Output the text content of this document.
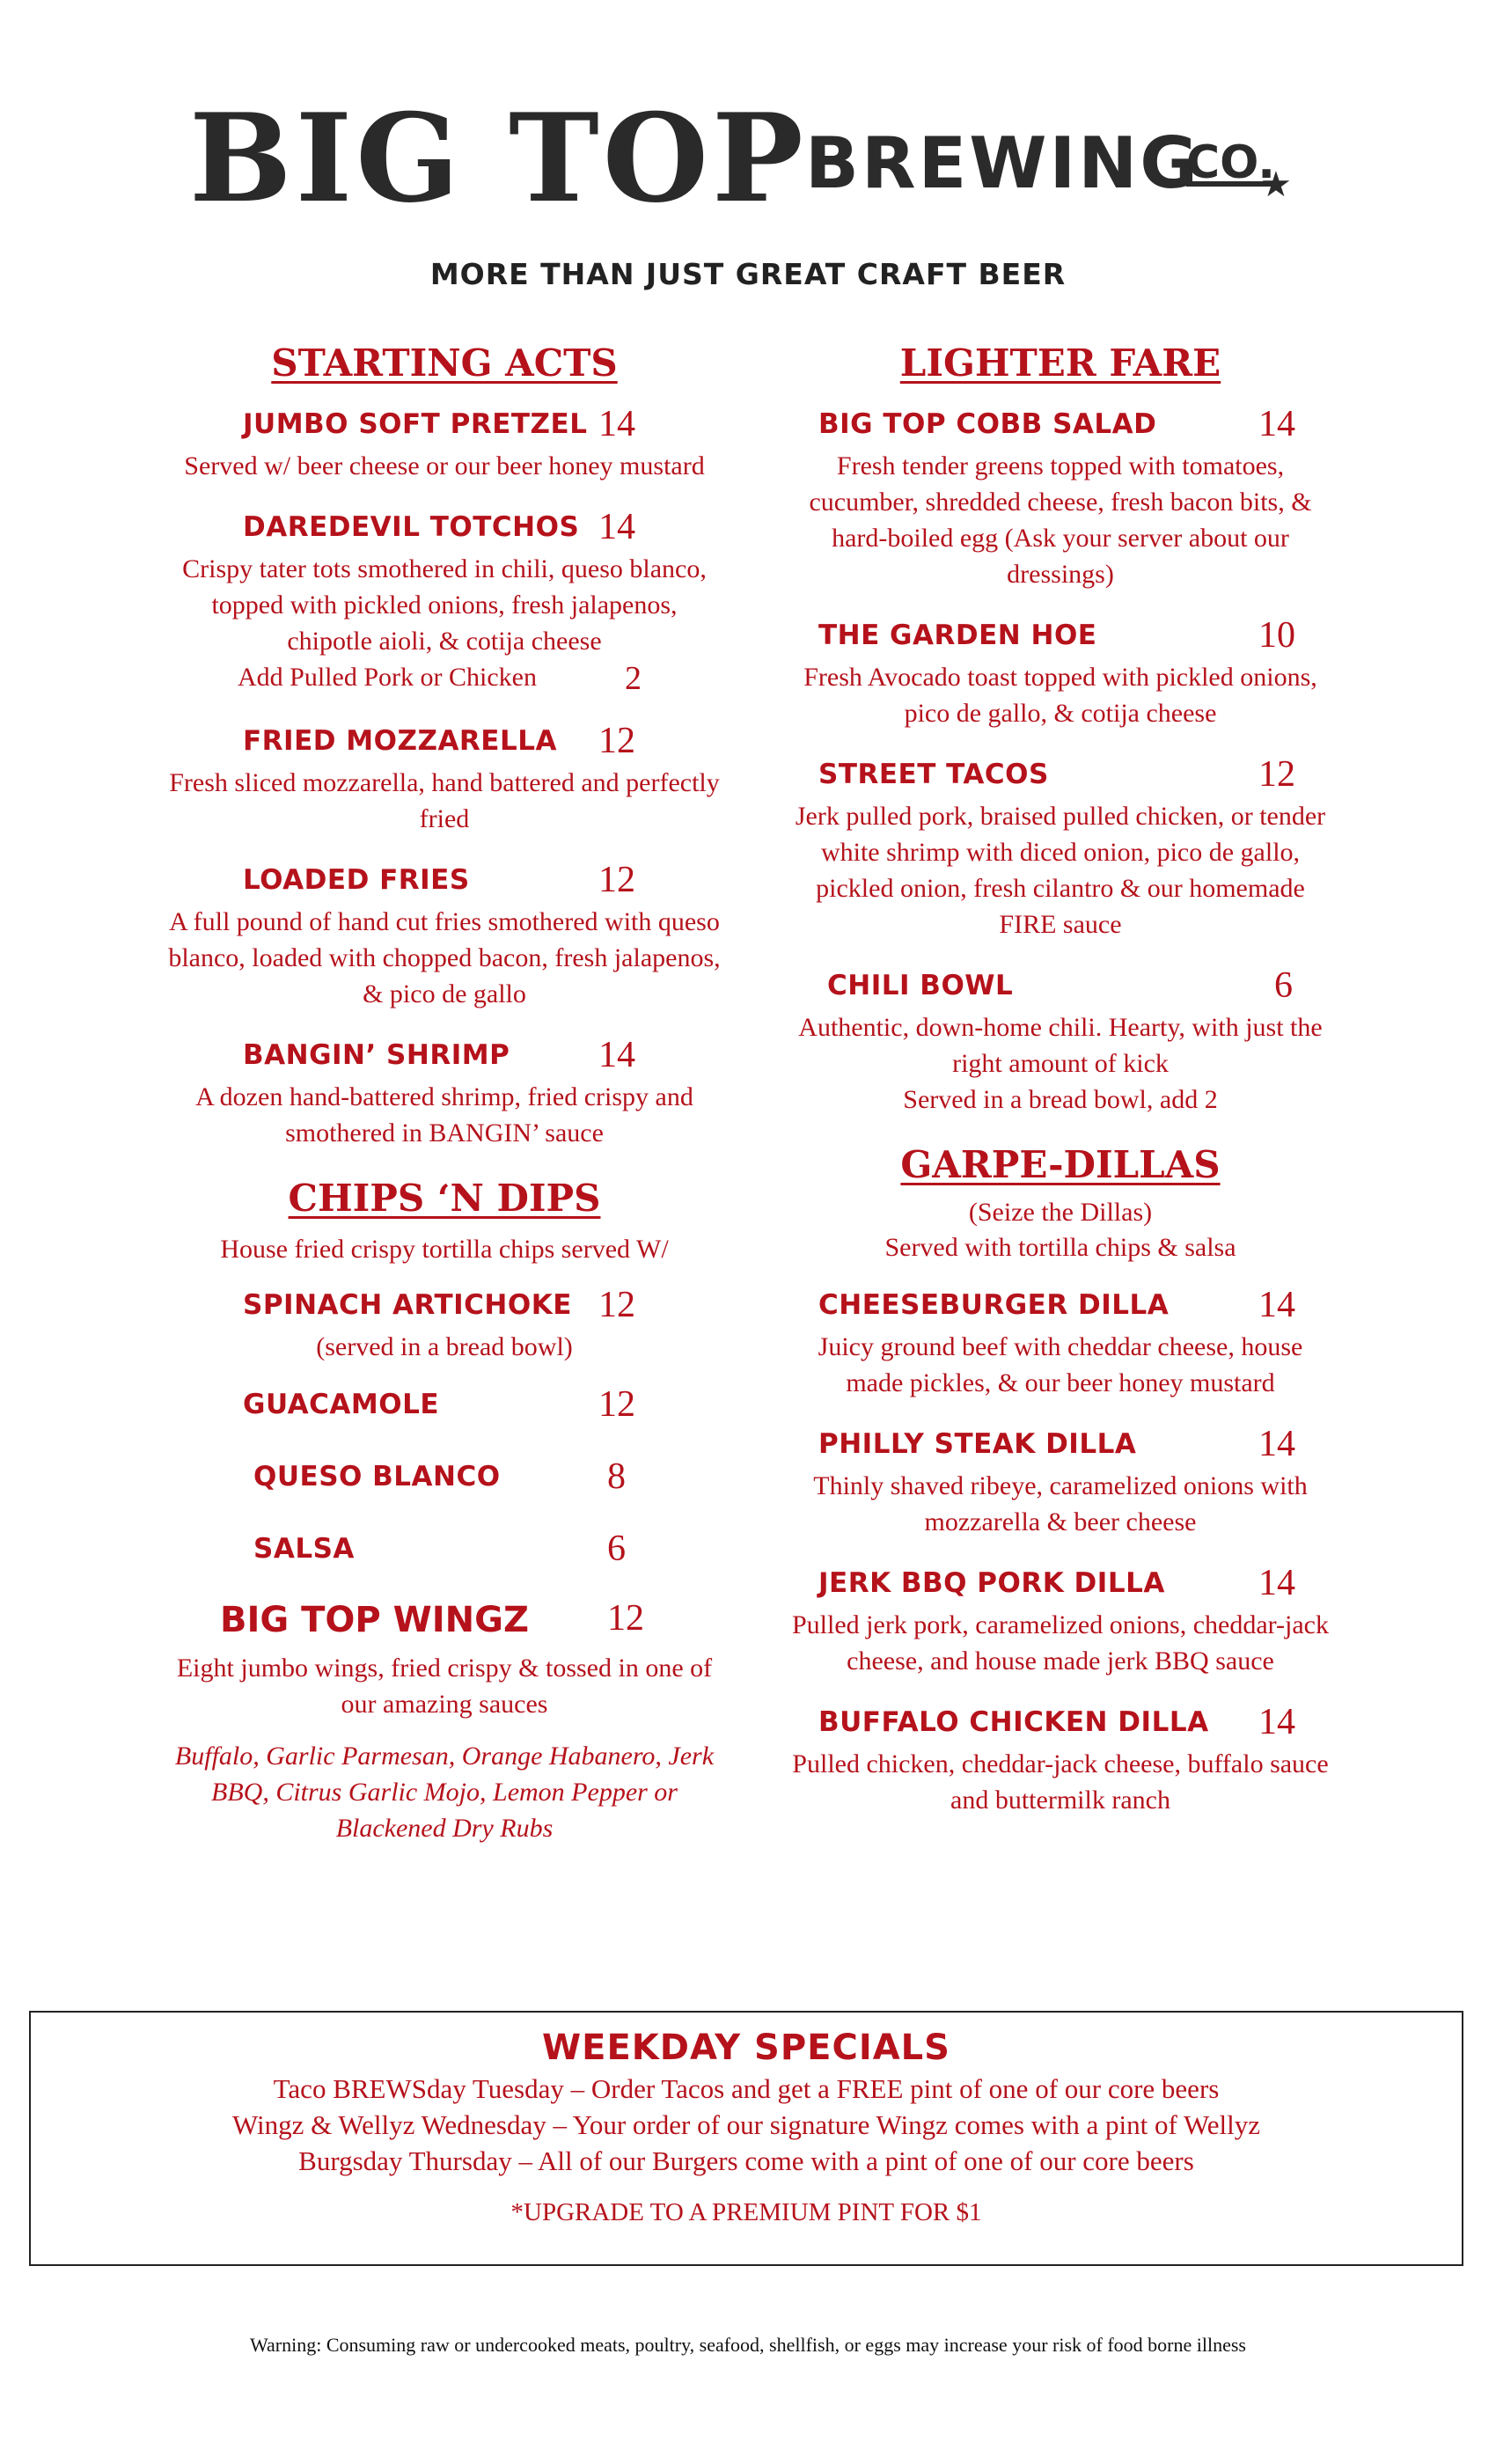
BIG TOP
BREWING
CO.
★
MORE THAN JUST GREAT CRAFT BEER
STARTING ACTS
JUMBO SOFT PRETZEL 14
Served w/ beer cheese or our beer honey mustard
DAREDEVIL TOTCHOS 14
Crispy tater tots smothered in chili, queso blanco, topped with pickled onions, fresh jalapenos, chipotle aioli, & cotija cheese
Add Pulled Pork or Chicken	2
FRIED MOZZARELLA 12
Fresh sliced mozzarella, hand battered and perfectly fried
LOADED FRIES	12
A full pound of hand cut fries smothered with queso blanco, loaded with chopped bacon, fresh jalapenos, & pico de gallo
BANGIN’ SHRIMP 14
A dozen hand-battered shrimp, fried crispy and smothered in BANGIN’ sauce
CHIPS ‘N DIPS
House fried crispy tortilla chips served W/
SPINACH ARTICHOKE 12
(served in a bread bowl)
GUACAMOLE	12
QUESO BLANCO	8
SALSA	6
BIG TOP WINGZ 12
Eight jumbo wings, fried crispy & tossed in one of our amazing sauces
Buffalo, Garlic Parmesan, Orange Habanero, Jerk BBQ, Citrus Garlic Mojo, Lemon Pepper or Blackened Dry Rubs
LIGHTER FARE
BIG TOP COBB SALAD	14
Fresh tender greens topped with tomatoes, cucumber, shredded cheese, fresh bacon bits, & hard-boiled egg (Ask your server about our dressings)
THE GARDEN HOE	10
Fresh Avocado toast topped with pickled onions, pico de gallo, & cotija cheese
STREET TACOS	12
Jerk pulled pork, braised pulled chicken, or tender white shrimp with diced onion, pico de gallo, pickled onion, fresh cilantro & our homemade FIRE sauce
CHILI BOWL	6
Authentic, down-home chili. Hearty, with just the right amount of kick
Served in a bread bowl, add 2
GARPE-DILLAS
(Seize the Dillas)
Served with tortilla chips & salsa
CHEESEBURGER DILLA 14
Juicy ground beef with cheddar cheese, house made pickles, & our beer honey mustard
PHILLY STEAK DILLA	14
Thinly shaved ribeye, caramelized onions with mozzarella & beer cheese
JERK BBQ PORK DILLA	14
Pulled jerk pork, caramelized onions, cheddar-jack cheese, and house made jerk BBQ sauce
BUFFALO CHICKEN DILLA 14
Pulled chicken, cheddar-jack cheese, buffalo sauce and buttermilk ranch
WEEKDAY SPECIALS
Taco BREWSday Tuesday – Order Tacos and get a FREE pint of one of our core beers
Wingz & Wellyz Wednesday – Your order of our signature Wingz comes with a pint of Wellyz
Burgsday Thursday – All of our Burgers come with a pint of one of our core beers
*UPGRADE TO A PREMIUM PINT FOR $1
Warning: Consuming raw or undercooked meats, poultry, seafood, shellfish, or eggs may increase your risk of food borne illness
